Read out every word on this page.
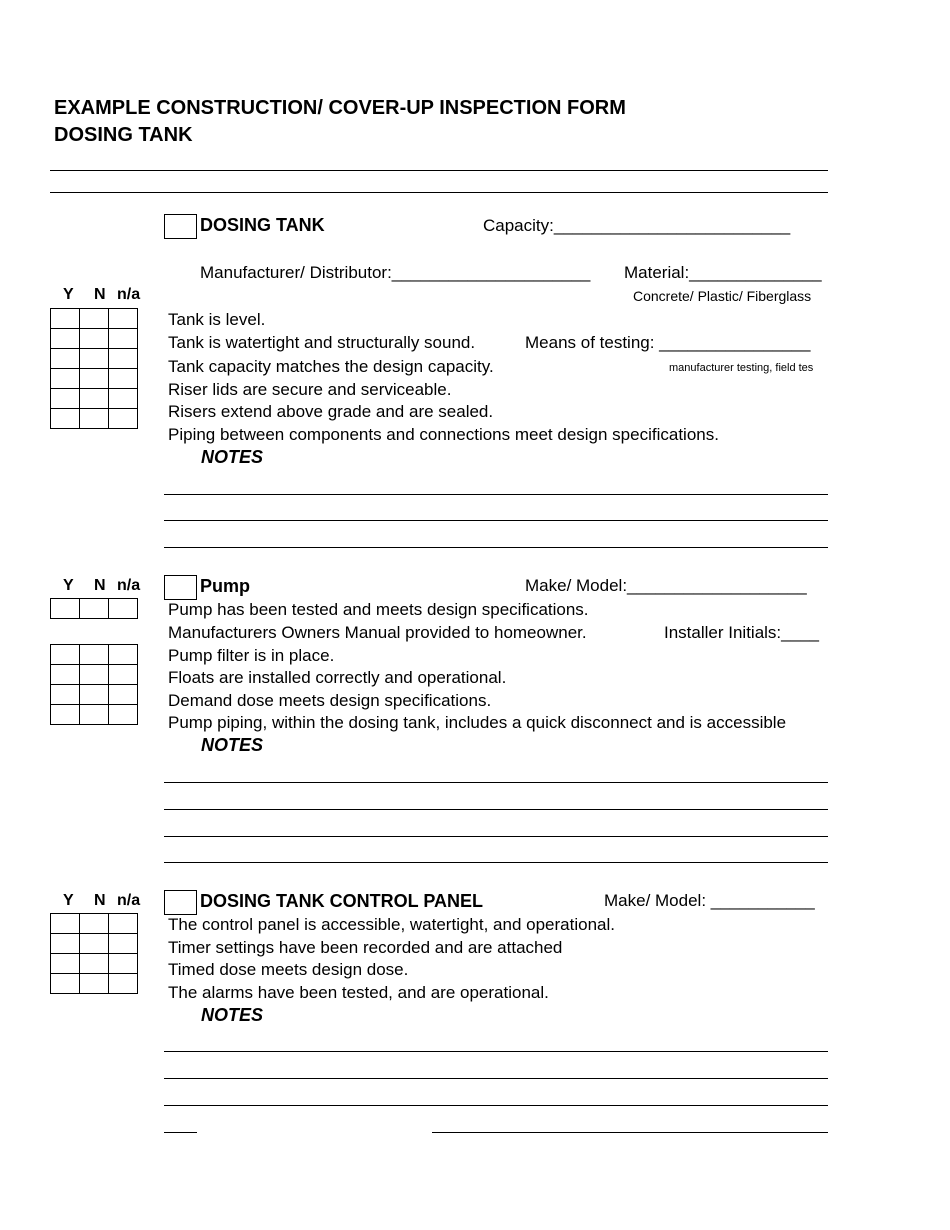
EXAMPLE CONSTRUCTION/ COVER-UP INSPECTION FORM
DOSING TANK
DOSING TANK	Capacity:_________________________
Manufacturer/ Distributor:_____________________ Material:______________
Concrete/ Plastic/ Fiberglass
Y N n/a

Tank is level.
Tank is watertight and structurally sound.	Means of testing: ________________
Tank capacity matches the design capacity.	manufacturer testing, field tes
Riser lids are secure and serviceable.
Risers extend above grade and are sealed.
Piping between components and connections meet design specifications.
NOTES
Y N n/a	Pump	Make/ Model:___________________

Pump has been tested and meets design specifications.
Manufacturers Owners Manual provided to homeowner.	Installer Initials:____
Pump filter is in place.
Floats are installed correctly and operational.
Demand dose meets design specifications.
Pump piping, within the dosing tank, includes a quick disconnect and is accessible
NOTES
Y N n/a	DOSING TANK CONTROL PANEL	Make/ Model: ___________

The control panel is accessible, watertight, and operational.
Timer settings have been recorded and are attached
Timed dose meets design dose.
The alarms have been tested, and are operational.
NOTES
